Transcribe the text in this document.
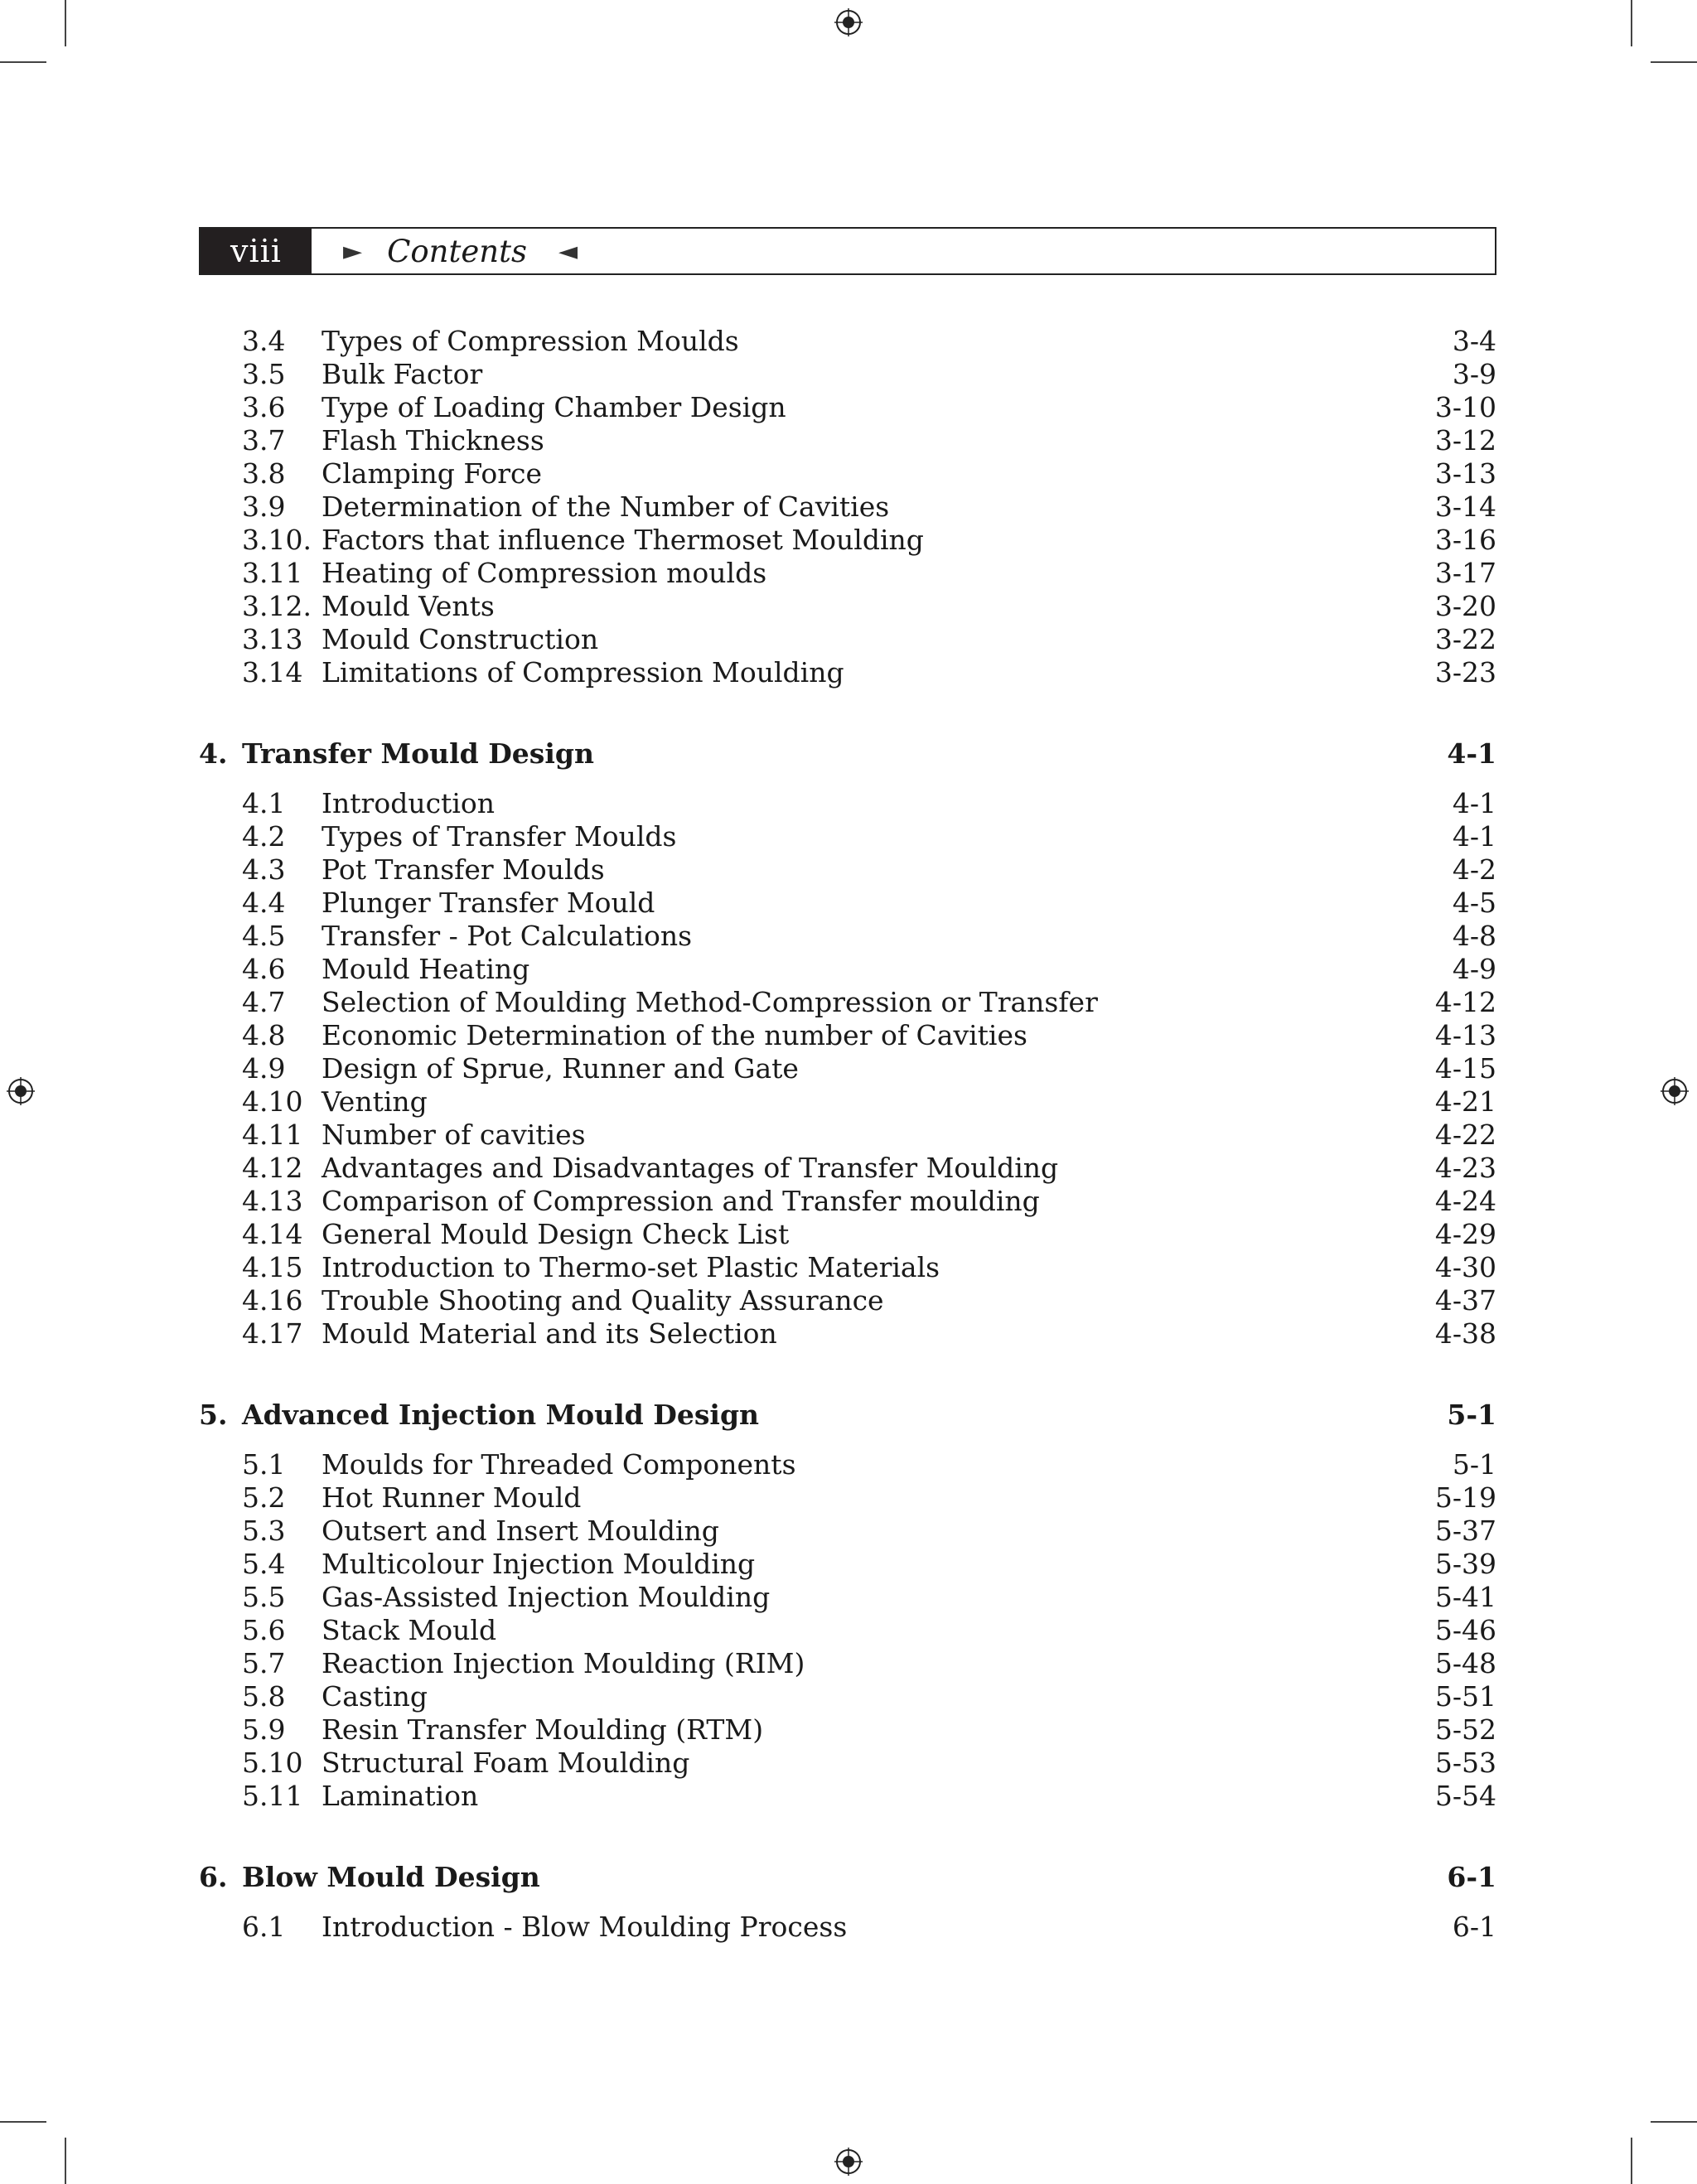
viii	► Contents ◄
3.4	Types of Compression Moulds	3-4
3.5	Bulk Factor	3-9
3.6	Type of Loading Chamber Design	3-10
3.7	Flash Thickness	3-12
3.8	Clamping Force	3-13
3.9	Determination of the Number of Cavities	3-14
3.10. Factors that influence Thermoset Moulding	3-16
3.11 Heating of Compression moulds	3-17
3.12. Mould Vents	3-20
3.13 Mould Construction	3-22
3.14 Limitations of Compression Moulding	3-23
4. Transfer Mould Design	4-1
4.1	Introduction	4-1
4.2	Types of Transfer Moulds	4-1
4.3	Pot Transfer Moulds	4-2
4.4	Plunger Transfer Mould	4-5
4.5	Transfer - Pot Calculations	4-8
4.6	Mould Heating	4-9
4.7	Selection of Moulding Method-Compression or Transfer	4-12
4.8	Economic Determination of the number of Cavities	4-13
4.9	Design of Sprue, Runner and Gate	4-15
4.10 Venting	4-21
4.11 Number of cavities	4-22
4.12 Advantages and Disadvantages of Transfer Moulding	4-23
4.13 Comparison of Compression and Transfer moulding	4-24
4.14 General Mould Design Check List	4-29
4.15 Introduction to Thermo-set Plastic Materials	4-30
4.16 Trouble Shooting and Quality Assurance	4-37
4.17 Mould Material and its Selection	4-38
5. Advanced Injection Mould Design	5-1
5.1	Moulds for Threaded Components	5-1
5.2	Hot Runner Mould	5-19
5.3	Outsert and Insert Moulding	5-37
5.4	Multicolour Injection Moulding	5-39
5.5	Gas-Assisted Injection Moulding	5-41
5.6	Stack Mould	5-46
5.7	Reaction Injection Moulding (RIM)	5-48
5.8	Casting	5-51
5.9	Resin Transfer Moulding (RTM)	5-52
5.10 Structural Foam Moulding	5-53
5.11 Lamination	5-54
6. Blow Mould Design	6-1
6.1	Introduction - Blow Moulding Process	6-1
